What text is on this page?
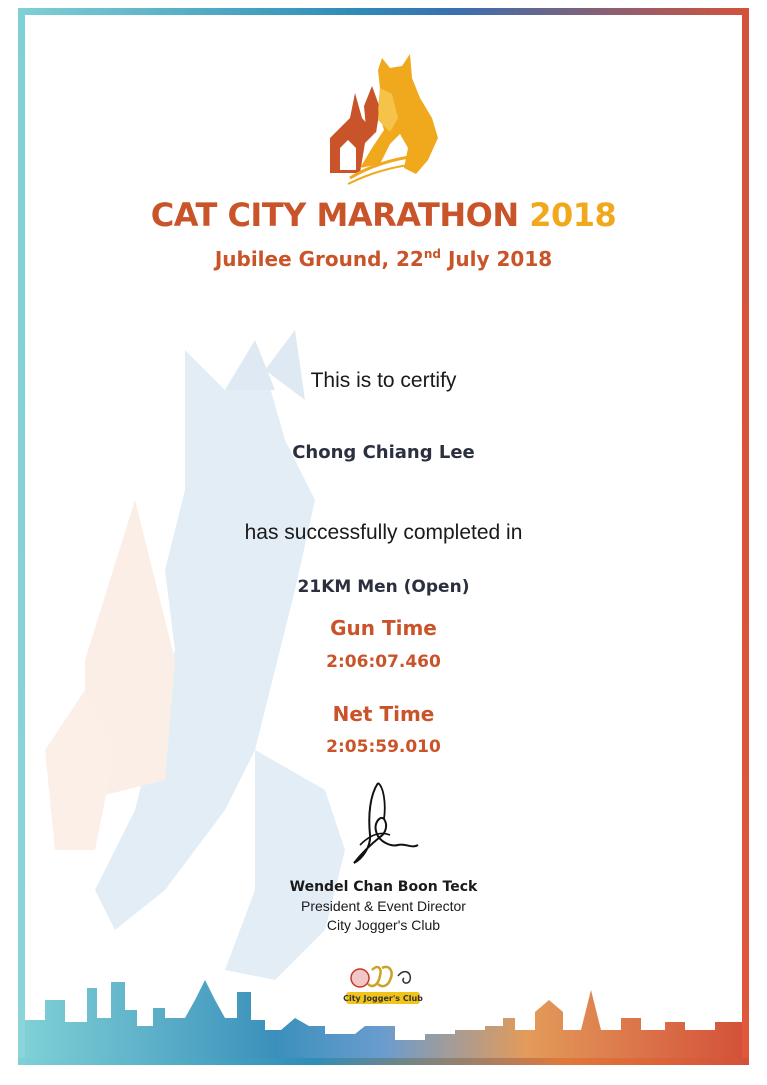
CAT CITY MARATHON 2018
Jubilee Ground, 22nd July 2018
This is to certify
Chong Chiang Lee
has successfully completed in
21KM Men (Open)
Gun Time
2:06:07.460
Net Time
2:05:59.010
Wendel Chan Boon Teck
President & Event Director
City Jogger's Club
City Jogger's Club
